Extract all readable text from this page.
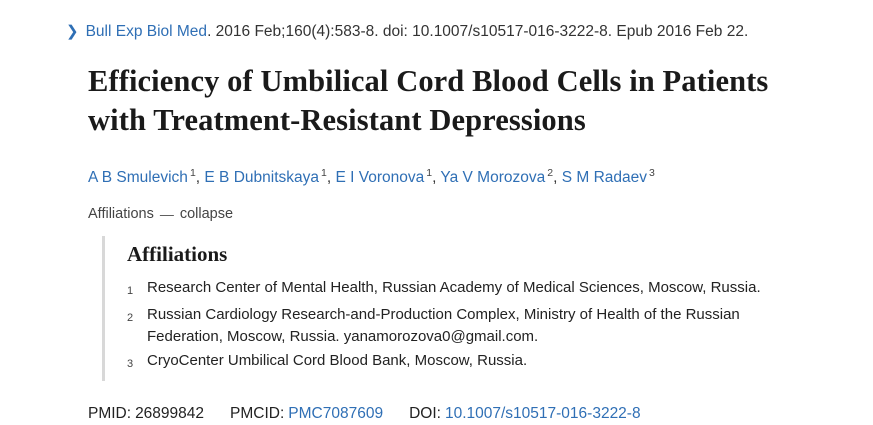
❯ Bull Exp Biol Med. 2016 Feb;160(4):583-8. doi: 10.1007/s10517-016-3222-8. Epub 2016 Feb 22.
Efficiency of Umbilical Cord Blood Cells in Patients with Treatment-Resistant Depressions
A B Smulevich $^1$, E B Dubnitskaya $^1$, E I Voronova $^1$, Ya V Morozova $^2$, S M Radaev $^3$
Affiliations — collapse
Affiliations
1 Research Center of Mental Health, Russian Academy of Medical Sciences, Moscow, Russia.
2 Russian Cardiology Research-and-Production Complex, Ministry of Health of the Russian Federation, Moscow, Russia. yanamorozova0@gmail.com.
3 CryoCenter Umbilical Cord Blood Bank, Moscow, Russia.
PMID: 26899842 PMCID: PMC7087609 DOI: 10.1007/s10517-016-3222-8
